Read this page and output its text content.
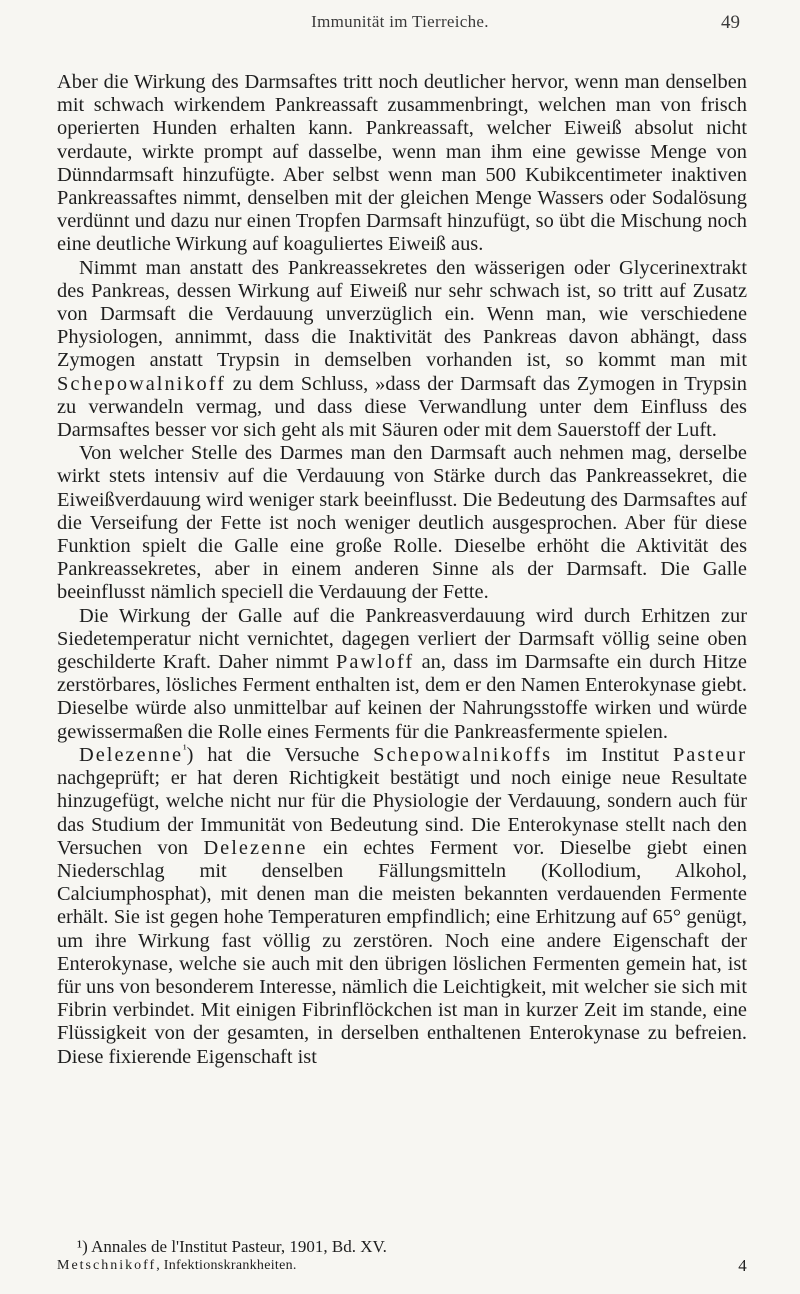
Immunität im Tierreiche.	49

Aber die Wirkung des Darmsaftes tritt noch deutlicher hervor, wenn man denselben mit schwach wirkendem Pankreassaft zusammenbringt, welchen man von frisch operierten Hunden erhalten kann. Pankreassaft, welcher Eiweiß absolut nicht verdaute, wirkte prompt auf dasselbe, wenn man ihm eine gewisse Menge von Dünndarmsaft hinzufügte. Aber selbst wenn man 500 Kubikcentimeter inaktiven Pankreassaftes nimmt, denselben mit der gleichen Menge Wassers oder Sodalösung verdünnt und dazu nur einen Tropfen Darmsaft hinzufügt, so übt die Mischung noch eine deutliche Wirkung auf koaguliertes Eiweiß aus.

Nimmt man anstatt des Pankreassekretes den wässerigen oder Glycerinextrakt des Pankreas, dessen Wirkung auf Eiweiß nur sehr schwach ist, so tritt auf Zusatz von Darmsaft die Verdauung unverzüglich ein. Wenn man, wie verschiedene Physiologen, annimmt, dass die Inaktivität des Pankreas davon abhängt, dass Zymogen anstatt Trypsin in demselben vorhanden ist, so kommt man mit Schepowalnikoff zu dem Schluss, »dass der Darmsaft das Zymogen in Trypsin zu verwandeln vermag, und dass diese Verwandlung unter dem Einfluss des Darmsaftes besser vor sich geht als mit Säuren oder mit dem Sauerstoff der Luft.

Von welcher Stelle des Darmes man den Darmsaft auch nehmen mag, derselbe wirkt stets intensiv auf die Verdauung von Stärke durch das Pankreassekret, die Eiweißverdauung wird weniger stark beeinflusst. Die Bedeutung des Darmsaftes auf die Verseifung der Fette ist noch weniger deutlich ausgesprochen. Aber für diese Funktion spielt die Galle eine große Rolle. Dieselbe erhöht die Aktivität des Pankreassekretes, aber in einem anderen Sinne als der Darmsaft. Die Galle beeinflusst nämlich speciell die Verdauung der Fette.

Die Wirkung der Galle auf die Pankreasverdauung wird durch Erhitzen zur Siedetemperatur nicht vernichtet, dagegen verliert der Darmsaft völlig seine oben geschilderte Kraft. Daher nimmt Pawloff an, dass im Darmsafte ein durch Hitze zerstörbares, lösliches Ferment enthalten ist, dem er den Namen Enterokynase giebt. Dieselbe würde also unmittelbar auf keinen der Nahrungsstoffe wirken und würde gewissermaßen die Rolle eines Ferments für die Pankreasfermente spielen.

Delezenne$^{^1}$) hat die Versuche Schepowalnikoffs im Institut Pasteur nachgeprüft; er hat deren Richtigkeit bestätigt und noch einige neue Resultate hinzugefügt, welche nicht nur für die Physiologie der Verdauung, sondern auch für das Studium der Immunität von Bedeutung sind. Die Enterokynase stellt nach den Versuchen von Delezenne ein echtes Ferment vor. Dieselbe giebt einen Niederschlag mit denselben Fällungsmitteln (Kollodium, Alkohol, Calciumphosphat), mit denen man die meisten bekannten verdauenden Fermente erhält. Sie ist gegen hohe Temperaturen empfindlich; eine Erhitzung auf 65° genügt, um ihre Wirkung fast völlig zu zerstören. Noch eine andere Eigenschaft der Enterokynase, welche sie auch mit den übrigen löslichen Fermenten gemein hat, ist für uns von besonderem Interesse, nämlich die Leichtigkeit, mit welcher sie sich mit Fibrin verbindet. Mit einigen Fibrinflöckchen ist man in kurzer Zeit im stande, eine Flüssigkeit von der gesamten, in derselben enthaltenen Enterokynase zu befreien. Diese fixierende Eigenschaft ist

¹) Annales de l'Institut Pasteur, 1901, Bd. XV.
Metschnikoff, Infektionskrankheiten.	4
